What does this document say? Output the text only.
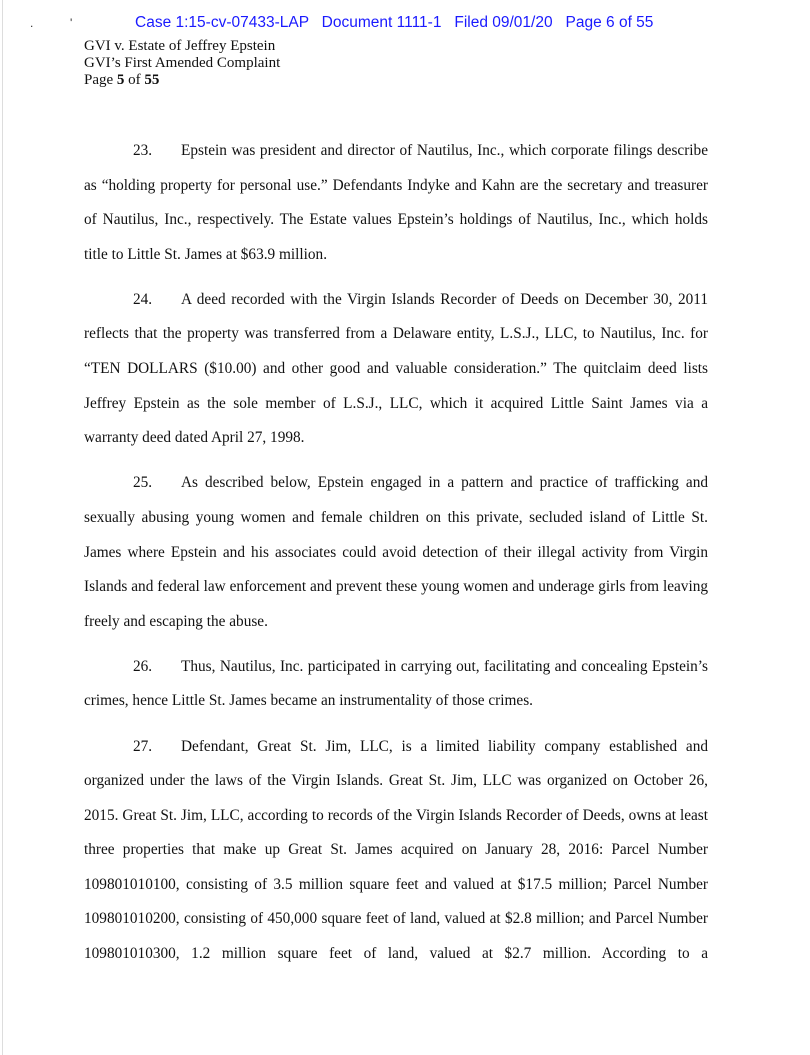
.	'	Case 1:15-cv-07433-LAP   Document 1111-1   Filed 09/01/20   Page 6 of 55
GVI v. Estate of Jeffrey Epstein
GVI’s First Amended Complaint
Page 5 of 55

23. Epstein was president and director of Nautilus, Inc., which corporate filings describe as “holding property for personal use.” Defendants Indyke and Kahn are the secretary and treasurer of Nautilus, Inc., respectively. The Estate values Epstein’s holdings of Nautilus, Inc., which holds title to Little St. James at $63.9 million.

24. A deed recorded with the Virgin Islands Recorder of Deeds on December 30, 2011 reflects that the property was transferred from a Delaware entity, L.S.J., LLC, to Nautilus, Inc. for “TEN DOLLARS ($10.00) and other good and valuable consideration.” The quitclaim deed lists Jeffrey Epstein as the sole member of L.S.J., LLC, which it acquired Little Saint James via a warranty deed dated April 27, 1998.

25. As described below, Epstein engaged in a pattern and practice of trafficking and sexually abusing young women and female children on this private, secluded island of Little St. James where Epstein and his associates could avoid detection of their illegal activity from Virgin Islands and federal law enforcement and prevent these young women and underage girls from leaving freely and escaping the abuse.

26. Thus, Nautilus, Inc. participated in carrying out, facilitating and concealing Epstein’s crimes, hence Little St. James became an instrumentality of those crimes.

27. Defendant, Great St. Jim, LLC, is a limited liability company established and organized under the laws of the Virgin Islands. Great St. Jim, LLC was organized on October 26, 2015. Great St. Jim, LLC, according to records of the Virgin Islands Recorder of Deeds, owns at least three properties that make up Great St. James acquired on January 28, 2016: Parcel Number 109801010100, consisting of 3.5 million square feet and valued at $17.5 million; Parcel Number 109801010200, consisting of 450,000 square feet of land, valued at $2.8 million; and Parcel Number 109801010300, 1.2 million square feet of land, valued at $2.7 million. According to a
